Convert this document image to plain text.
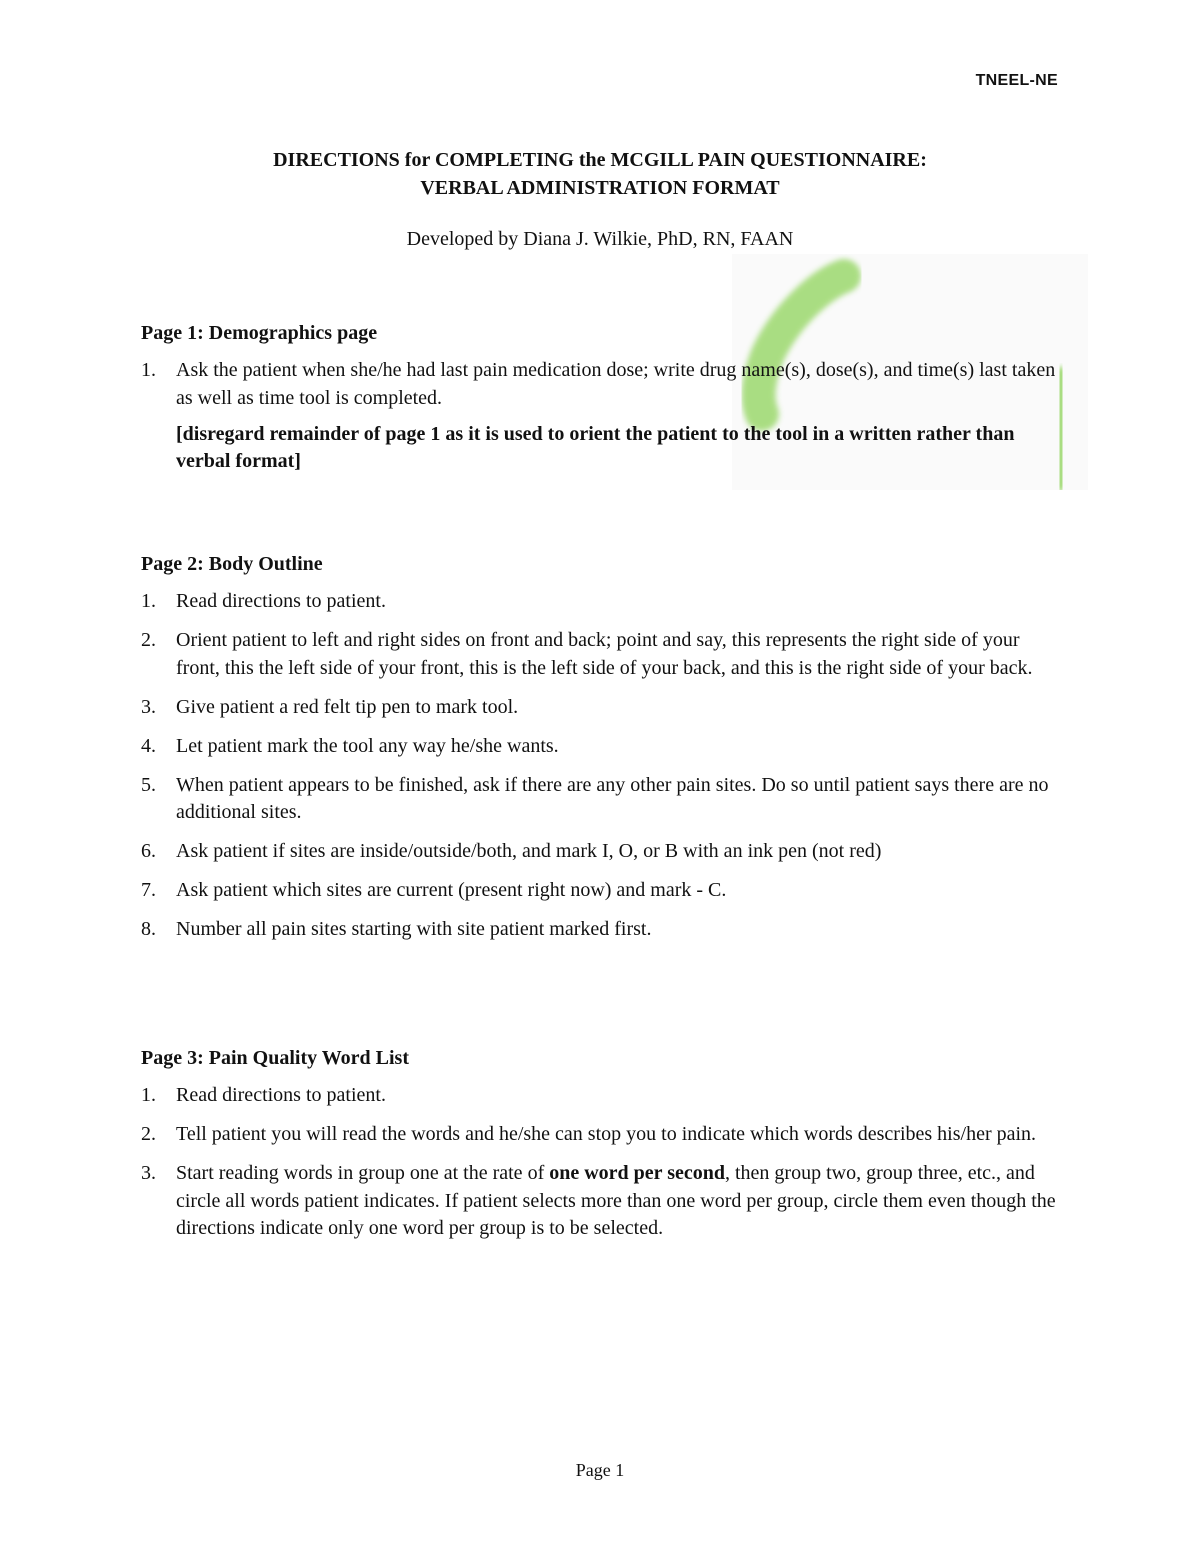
TNEEL-NE
DIRECTIONS for COMPLETING the MCGILL PAIN QUESTIONNAIRE:
VERBAL ADMINISTRATION FORMAT
Developed by Diana J. Wilkie, PhD, RN, FAAN
Page 1: Demographics page
1. Ask the patient when she/he had last pain medication dose; write drug name(s), dose(s), and time(s) last taken as well as time tool is completed.
[disregard remainder of page 1 as it is used to orient the patient to the tool in a written rather than verbal format]
Page 2: Body Outline
1. Read directions to patient.
2. Orient patient to left and right sides on front and back; point and say, this represents the right side of your front, this the left side of your front, this is the left side of your back, and this is the right side of your back.
3. Give patient a red felt tip pen to mark tool.
4. Let patient mark the tool any way he/she wants.
5. When patient appears to be finished, ask if there are any other pain sites. Do so until patient says there are no additional sites.
6. Ask patient if sites are inside/outside/both, and mark I, O, or B with an ink pen (not red)
7. Ask patient which sites are current (present right now) and mark - C.
8. Number all pain sites starting with site patient marked first.
Page 3: Pain Quality Word List
1. Read directions to patient.
2. Tell patient you will read the words and he/she can stop you to indicate which words describes his/her pain.
3. Start reading words in group one at the rate of one word per second, then group two, group three, etc., and circle all words patient indicates. If patient selects more than one word per group, circle them even though the directions indicate only one word per group is to be selected.
Page 1
